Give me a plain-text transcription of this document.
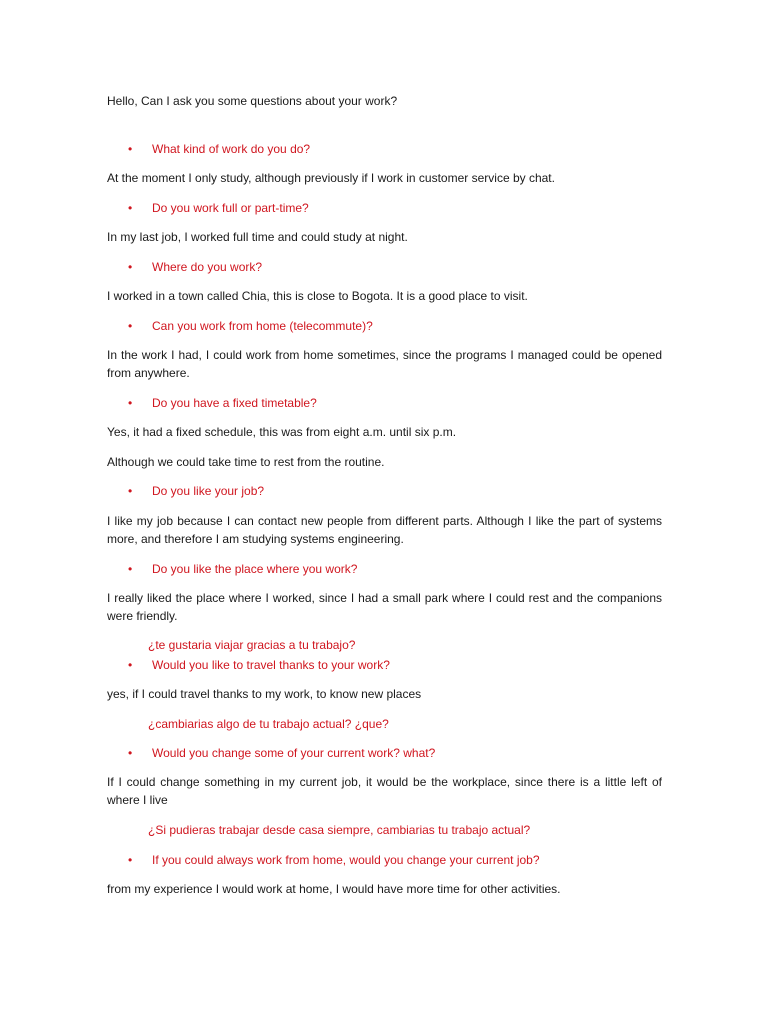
Hello, Can I ask you some questions about your work?

• What kind of work do you do?

At the moment I only study, although previously if I work in customer service by chat.

• Do you work full or part-time?

In my last job, I worked full time and could study at night.

• Where do you work?

I worked in a town called Chia, this is close to Bogota. It is a good place to visit.

• Can you work from home (telecommute)?

In the work I had, I could work from home sometimes, since the programs I managed could be opened from anywhere.

• Do you have a fixed timetable?

Yes, it had a fixed schedule, this was from eight a.m. until six p.m.

Although we could take time to rest from the routine.

• Do you like your job?

I like my job because I can contact new people from different parts. Although I like the part of systems more, and therefore I am studying systems engineering.

• Do you like the place where you work?

I really liked the place where I worked, since I had a small park where I could rest and the companions were friendly.

¿te gustaria viajar gracias a tu trabajo?
• Would you like to travel thanks to your work?

yes, if I could travel thanks to my work, to know new places

¿cambiarias algo de tu trabajo actual? ¿que?
• Would you change some of your current work? what?

If I could change something in my current job, it would be the workplace, since there is a little left of where I live

¿Si pudieras trabajar desde casa siempre, cambiarias tu trabajo actual?
• If you could always work from home, would you change your current job?

from my experience I would work at home, I would have more time for other activities.
